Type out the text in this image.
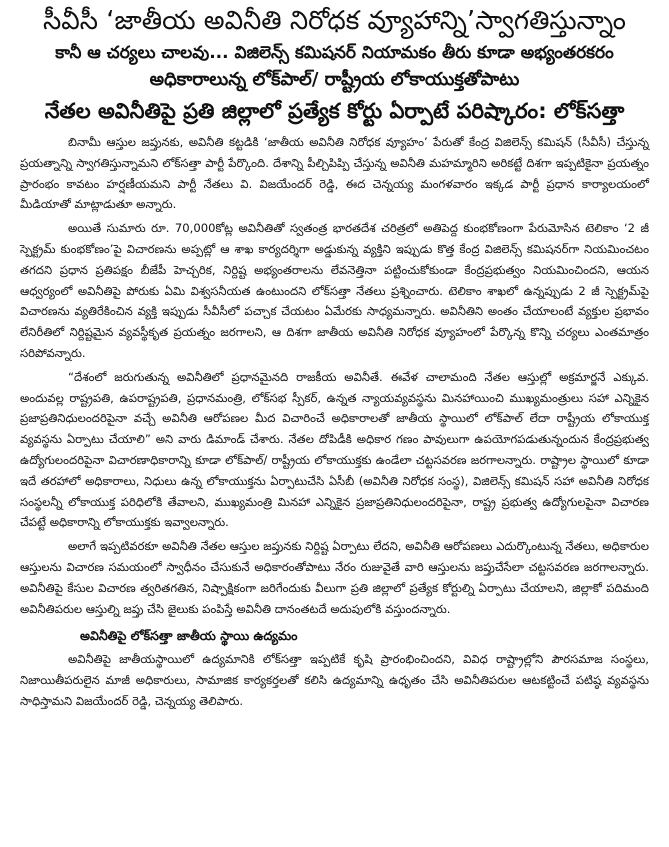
సీవీసీ ‘జాతీయ అవినీతి నిరోధక వ్యూహాన్ని’స్వాగతిస్తున్నాం
కానీ ఆ చర్యలు చాలవు... విజిలెన్స్ కమిషనర్ నియామకం తీరు కూడా అభ్యంతరకరం
అధికారాలున్న లోక్‌పాల్/ రాష్ట్రీయ లోకాయుక్తతోపాటు
నేతల అవినీతిపై ప్రతి జిల్లాలో ప్రత్యేక కోర్టు ఏర్పాటే పరిష్కారం: లోక్‌సత్తా

బినామీ ఆస్తుల జప్తునకు, అవినీతి కట్టడికి ‘జాతీయ అవినీతి నిరోధక వ్యూహం’ పేరుతో కేంద్ర విజిలెన్స్ కమిషన్ (సీవీసీ) చేస్తున్న ప్రయత్నాన్ని స్వాగతిస్తున్నామని లోక్‌సత్తా పార్టీ పేర్కొంది. దేశాన్ని పీల్చిపిప్పి చేస్తున్న అవినీతి మహమ్మారిని అరికట్టే దిశగా ఇప్పటికైనా ప్రయత్నం ప్రారంభం కావటం హర్షణీయమని పార్టీ నేతలు వి. విజయేందర్ రెడ్డి, ఈద చెన్నయ్య మంగళవారం ఇక్కడ పార్టీ ప్రధాన కార్యాలయంలో మీడియాతో మాట్లాడుతూ అన్నారు.

అయితే సుమారు రూ. 70,000కోట్ల అవినీతితో స్వతంత్ర భారతదేశ చరిత్రలో అతిపెద్ద కుంభకోణంగా పేరుమోసిన టెలికాం ‘2 జీ స్పెక్ట్రమ్ కుంభకోణం’పై విచారణను అప్పట్లో ఆ శాఖ కార్యదర్శిగా అడ్డుకున్న వ్యక్తిని ఇప్పుడు కొత్త కేంద్ర విజిలెన్స్ కమిషనర్‌గా నియమించటం తగదని ప్రధాన ప్రతిపక్షం బీజేపీ హెచ్చరిక, నిర్దిష్ట అభ్యంతరాలను లేవనెత్తినా పట్టించుకోకుండా కేంద్రప్రభుత్వం నియమించిందని, ఆయన ఆధ్వర్యంలో అవినీతిపై పోరుకు ఏమి విశ్వసనీయత ఉంటుందని లోక్‌సత్తా నేతలు ప్రశ్నించారు. టెలికాం శాఖలో ఉన్నప్పుడు 2 జీ స్పెక్ట్రమ్‌పై విచారణను వ్యతిరేకించిన వ్యక్తి ఇప్పుడు సీవీసీలో పచ్చాక చేయటం ఏమేరకు సాధ్యమన్నారు. అవినీతిని అంతం చేయాలంటే వ్యక్తుల ప్రభావం లేనిరీతిలో నిర్దిష్టమైన వ్యవస్థీకృత ప్రయత్నం జరగాలని, ఆ దిశగా జాతీయ అవినీతి నిరోధక వ్యూహంలో పేర్కొన్న కొన్ని చర్యలు ఎంతమాత్రం సరిపోవన్నారు.

“దేశంలో జరుగుతున్న అవినీతిలో ప్రధానమైనది రాజకీయ అవినీతే. ఈవేళ చాలామంది నేతల ఆస్తుల్లో అక్రమార్జనే ఎక్కువ. అందువల్ల రాష్ట్రపతి, ఉపరాష్ట్రపతి, ప్రధానమంత్రి, లోక్‌సభ స్పీకర్, ఉన్నత న్యాయవ్యవస్థను మినహాయించి ముఖ్యమంత్రులు సహా ఎన్నికైన ప్రజాప్రతినిధులందరిపైనా వచ్చే అవినీతి ఆరోపణల మీద విచారించే అధికారాలతో జాతీయ స్థాయిలో లోక్‌పాల్ లేదా రాష్ట్రీయ లోకాయుక్త వ్యవస్థను ఏర్పాటు చేయాలి” అని వారు డిమాండ్ చేశారు. నేతల దోపిడీకి అధికార గణం పావులుగా ఉపయోగపడుతున్నందున కేంద్రప్రభుత్వ ఉద్యోగులందరిపైనా విచారణాధికారాన్ని కూడా లోక్‌పాల్/ రాష్ట్రీయ లోకాయుక్తకు ఉండేలా చట్టసవరణ జరగాలన్నారు. రాష్ట్రాల స్థాయిలో కూడా ఇదే తరహాలో అధికారాలు, నిధులు ఉన్న లోకాయుక్తను ఏర్పాటుచేసి ఏసీబీ (అవినీతి నిరోధక సంస్థ), విజిలెన్స్ కమిషన్ సహా అవినీతి నిరోధక సంస్థలన్నీ లోకాయుక్త పరిధిలోకి తేవాలని, ముఖ్యమంత్రి మినహా ఎన్నికైన ప్రజాప్రతినిధులందరిపైనా, రాష్ట్ర ప్రభుత్వ ఉద్యోగులపైనా విచారణ చేపట్టే అధికారాన్ని లోకాయుక్తకు ఇవ్వాలన్నారు.

అలాగే ఇప్పటివరకూ అవినీతి నేతల ఆస్తుల జప్తునకు నిర్దిష్ట ఏర్పాటు లేదని, అవినీతి ఆరోపణలు ఎదుర్కొంటున్న నేతలు, అధికారుల ఆస్తులను విచారణ సమయంలో స్వాధీనం చేసుకునే అధికారంతోపాటు నేరం రుజువైతే వారి ఆస్తులను జప్తుచేసేలా చట్టసవరణ జరగాలన్నారు. అవినీతిపై కేసుల విచారణ త్వరితగతిన, నిష్పాక్షికంగా జరిగేందుకు వీలుగా ప్రతి జిల్లాలో ప్రత్యేక కోర్టుల్ని ఏర్పాటు చేయాలని, జిల్లాకో పదిమంది అవినీతిపరుల ఆస్తుల్ని జప్తు చేసి జైలుకు పంపిస్తే అవినీతి దానంతటదే అదుపులోకి వస్తుందన్నారు.

అవినీతిపై లోక్‌సత్తా జాతీయ స్థాయి ఉద్యమం

అవినీతిపై జాతీయస్థాయిలో ఉద్యమానికి లోక్‌సత్తా ఇప్పటికే కృషి ప్రారంభించిందని, వివిధ రాష్ట్రాల్లోని పౌరసమాజ సంస్థలు, నిజాయితీపరులైన మాజీ అధికారులు, సామాజిక కార్యకర్తలతో కలిసి ఉద్యమాన్ని ఉధృతం చేసి అవినీతిపరుల ఆటకట్టించే పటిష్ఠ వ్యవస్థను సాధిస్తామని విజయేందర్ రెడ్డి, చెన్నయ్య తెలిపారు.
